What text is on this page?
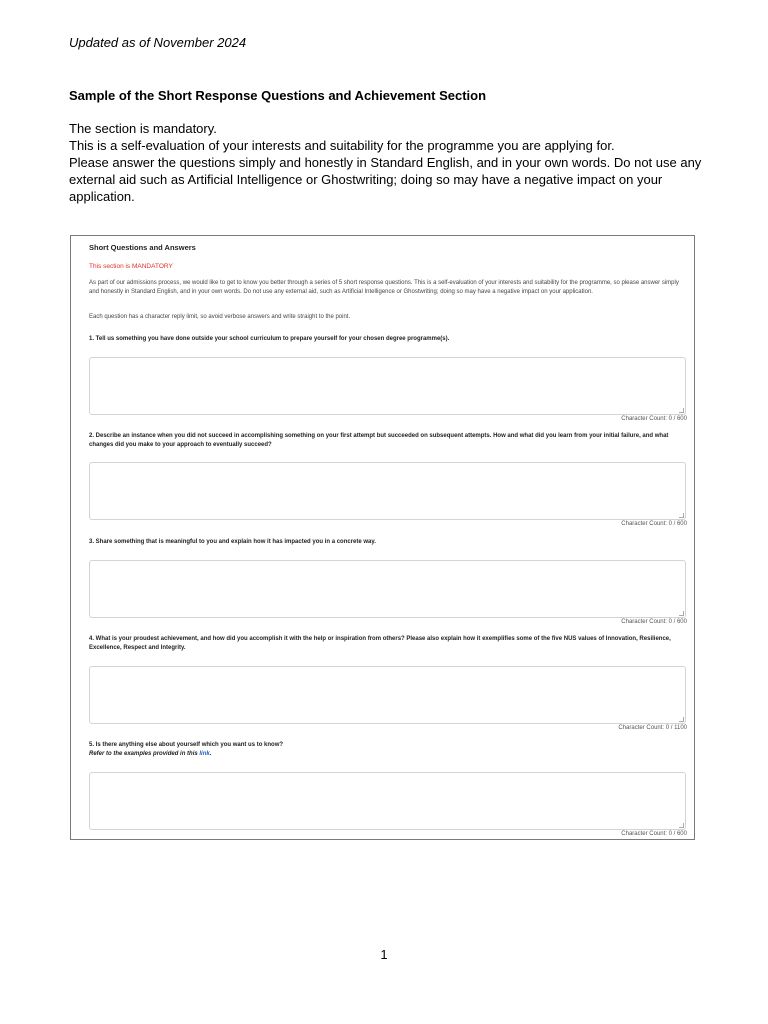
Updated as of November 2024
Sample of the Short Response Questions and Achievement Section

The section is mandatory.

This is a self-evaluation of your interests and suitability for the programme you are applying for.

Please answer the questions simply and honestly in Standard English, and in your own words. Do not use any external aid such as Artificial Intelligence or Ghostwriting; doing so may have a negative impact on your application.

Short Questions and Answers
This section is MANDATORY
As part of our admissions process, we would like to get to know you better through a series of 5 short response questions. This is a self-evaluation of your interests and suitability for the programme, so please answer simply and honestly in Standard English, and in your own words. Do not use any external aid, such as Artificial Intelligence or Ghostwriting; doing so may have a negative impact on your application.
Each question has a character reply limit, so avoid verbose answers and write straight to the point.
1. Tell us something you have done outside your school curriculum to prepare yourself for your chosen degree programme(s).
Character Count: 0 / 600
2. Describe an instance when you did not succeed in accomplishing something on your first attempt but succeeded on subsequent attempts. How and what did you learn from your initial failure, and what changes did you make to your approach to eventually succeed?
Character Count: 0 / 600
3. Share something that is meaningful to you and explain how it has impacted you in a concrete way.
Character Count: 0 / 600
4. What is your proudest achievement, and how did you accomplish it with the help or inspiration from others? Please also explain how it exemplifies some of the five NUS values of Innovation, Resilience, Excellence, Respect and Integrity.
Character Count: 0 / 1100
5. Is there anything else about yourself which you want us to know?
Refer to the examples provided in this link.
Character Count: 0 / 600
1
